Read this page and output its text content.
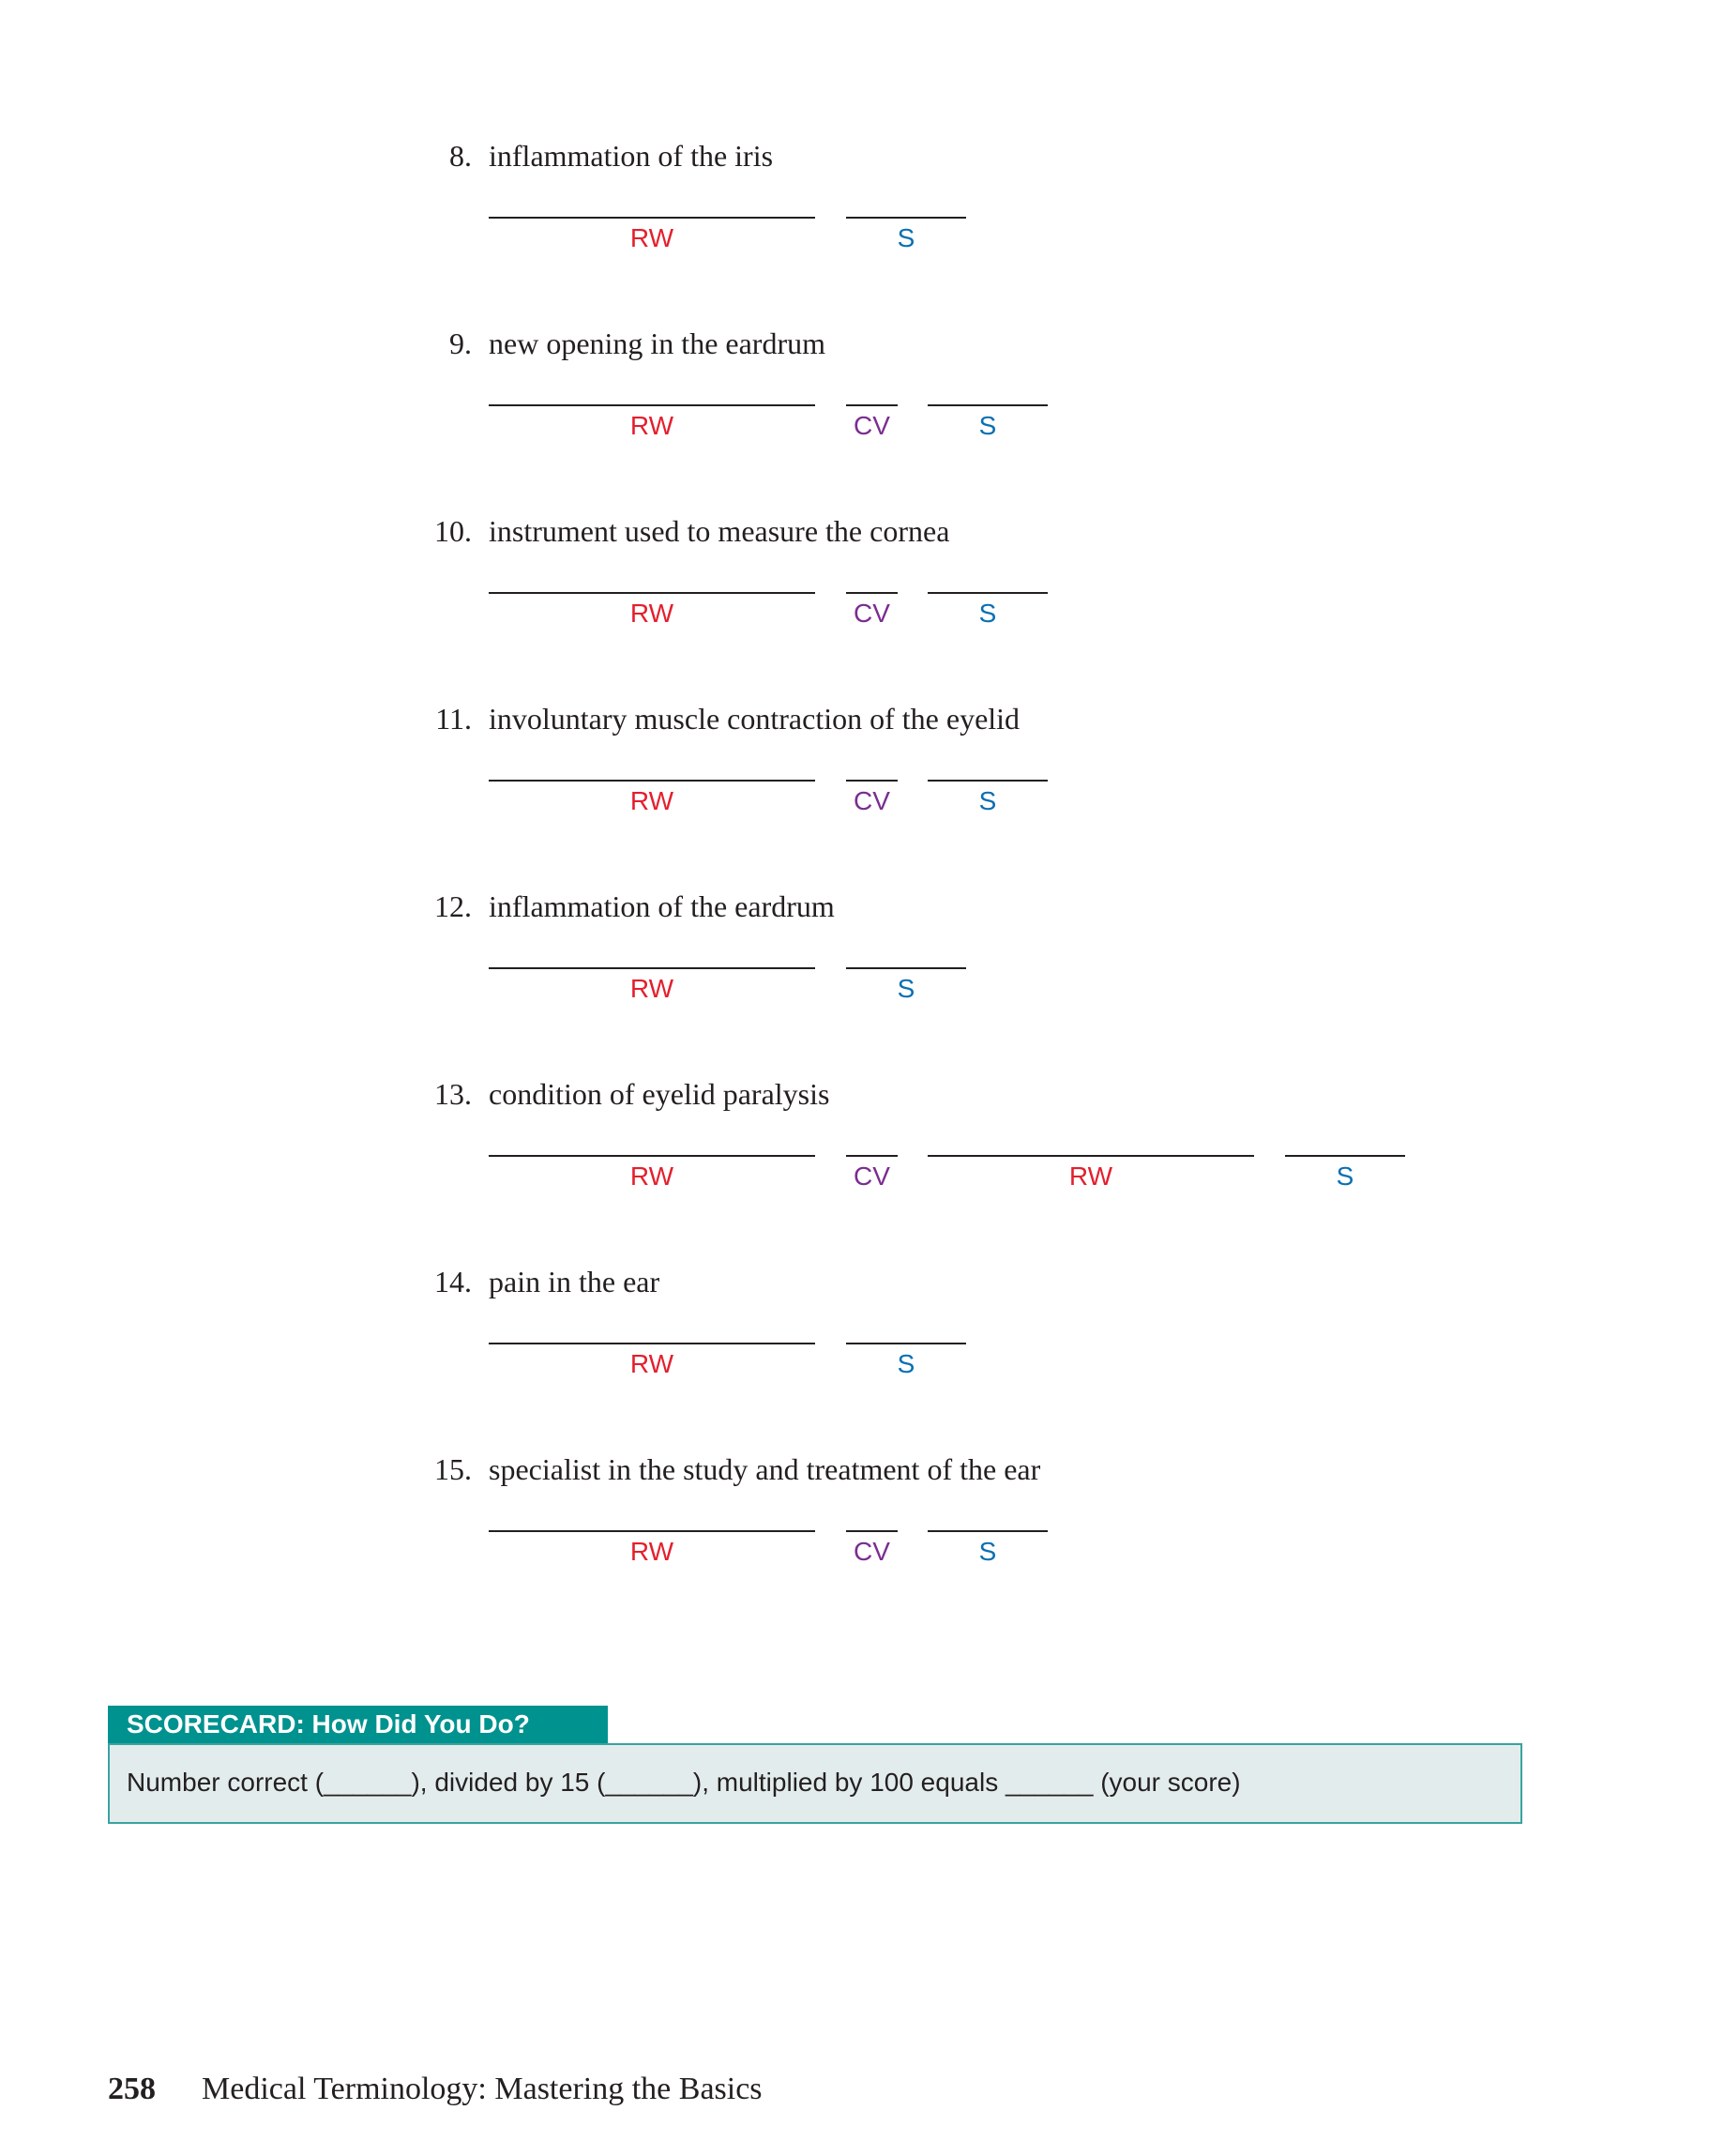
8. inflammation of the iris
RW	S
9. new opening in the eardrum
RW	CV	S
10. instrument used to measure the cornea
RW	CV	S
11. involuntary muscle contraction of the eyelid
RW	CV	S
12. inflammation of the eardrum
RW	S
13. condition of eyelid paralysis
RW	CV	RW	S
14. pain in the ear
RW	S
15. specialist in the study and treatment of the ear
RW	CV	S
SCORECARD: How Did You Do?
Number correct (______), divided by 15 (______), multiplied by 100 equals ______ (your score)
258 Medical Terminology: Mastering the Basics
